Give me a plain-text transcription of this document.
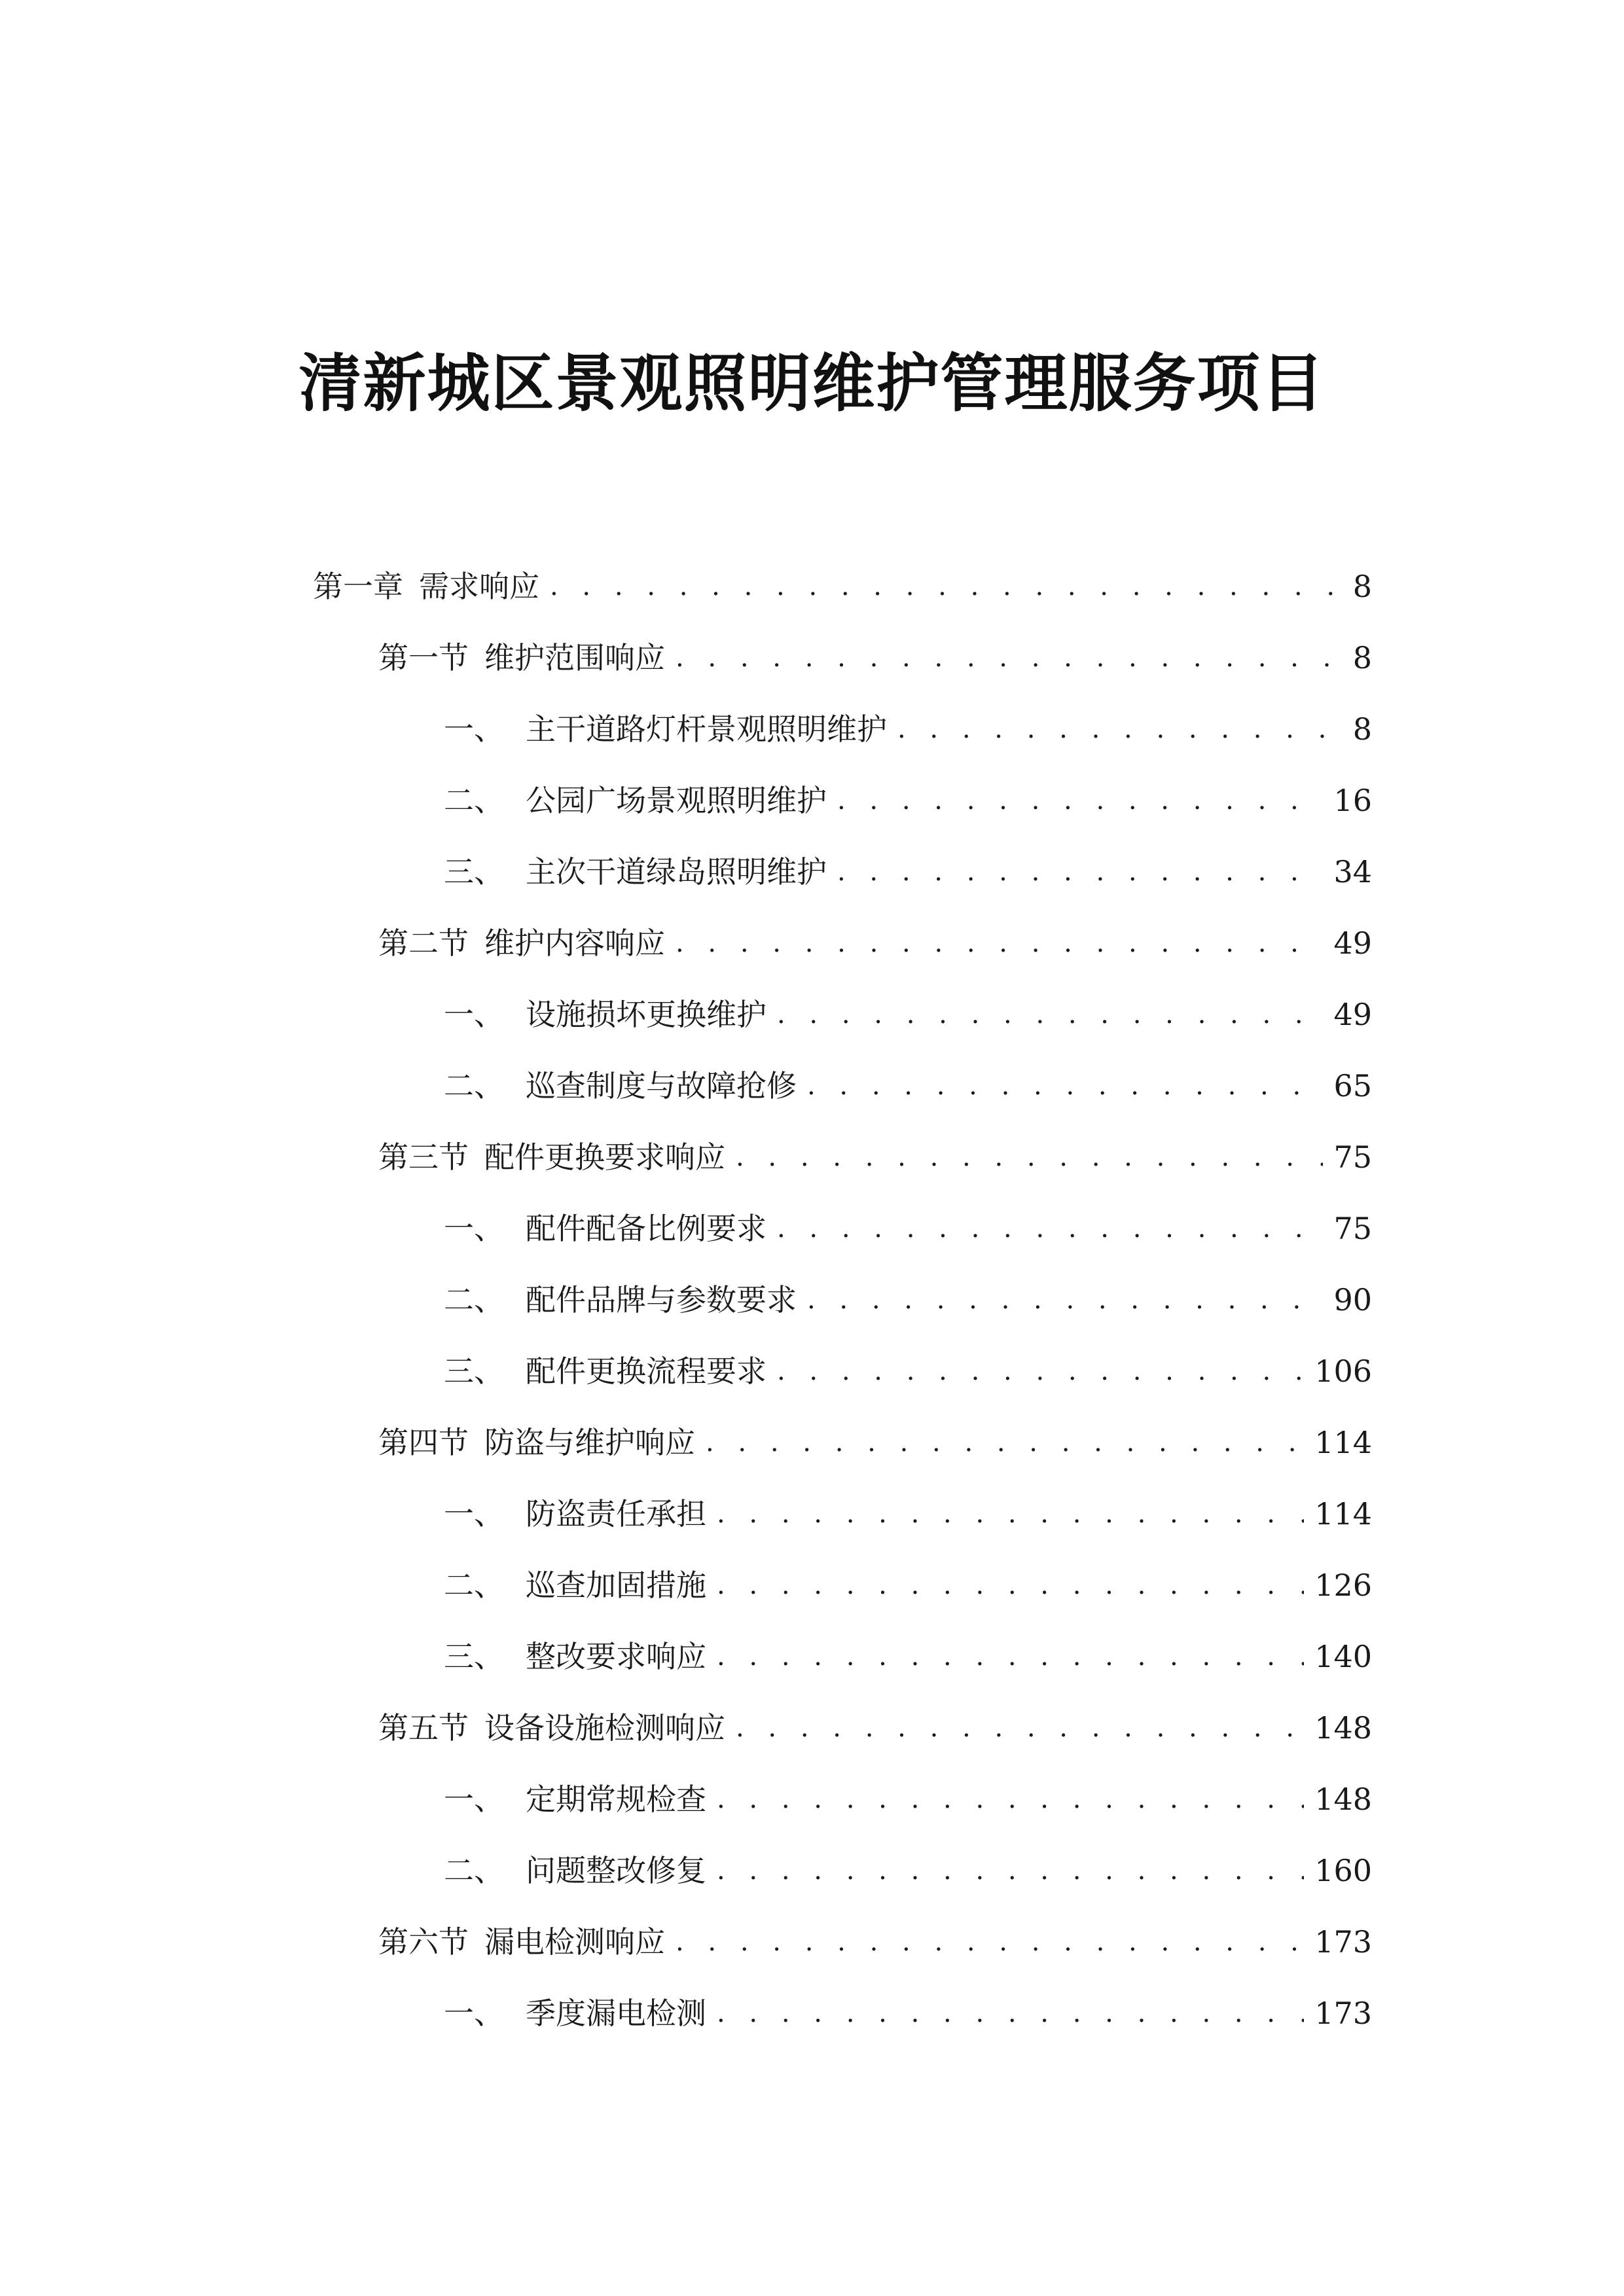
清新城区景观照明维护管理服务项目
第一章 需求响应 . . .	8
第一节 维护范围响应 . . .	8
一、 主干道路灯杆景观照明维护 . . .	8
二、 公园广场景观照明维护 . . .	16
三、 主次干道绿岛照明维护 . . .	34
第二节 维护内容响应 . . .	49
一、 设施损坏更换维护 . . .	49
二、 巡查制度与故障抢修 . . .	65
第三节 配件更换要求响应 . . .	75
一、 配件配备比例要求 . . .	75
二、 配件品牌与参数要求 . . .	90
三、 配件更换流程要求 . . .	106
第四节 防盗与维护响应 . . .	114
一、 防盗责任承担 . . .	114
二、 巡查加固措施 . . .	126
三、 整改要求响应 . . .	140
第五节 设备设施检测响应 . . .	148
一、 定期常规检查 . . .	148
二、 问题整改修复 . . .	160
第六节 漏电检测响应 . . .	173
一、 季度漏电检测 . . .	173
